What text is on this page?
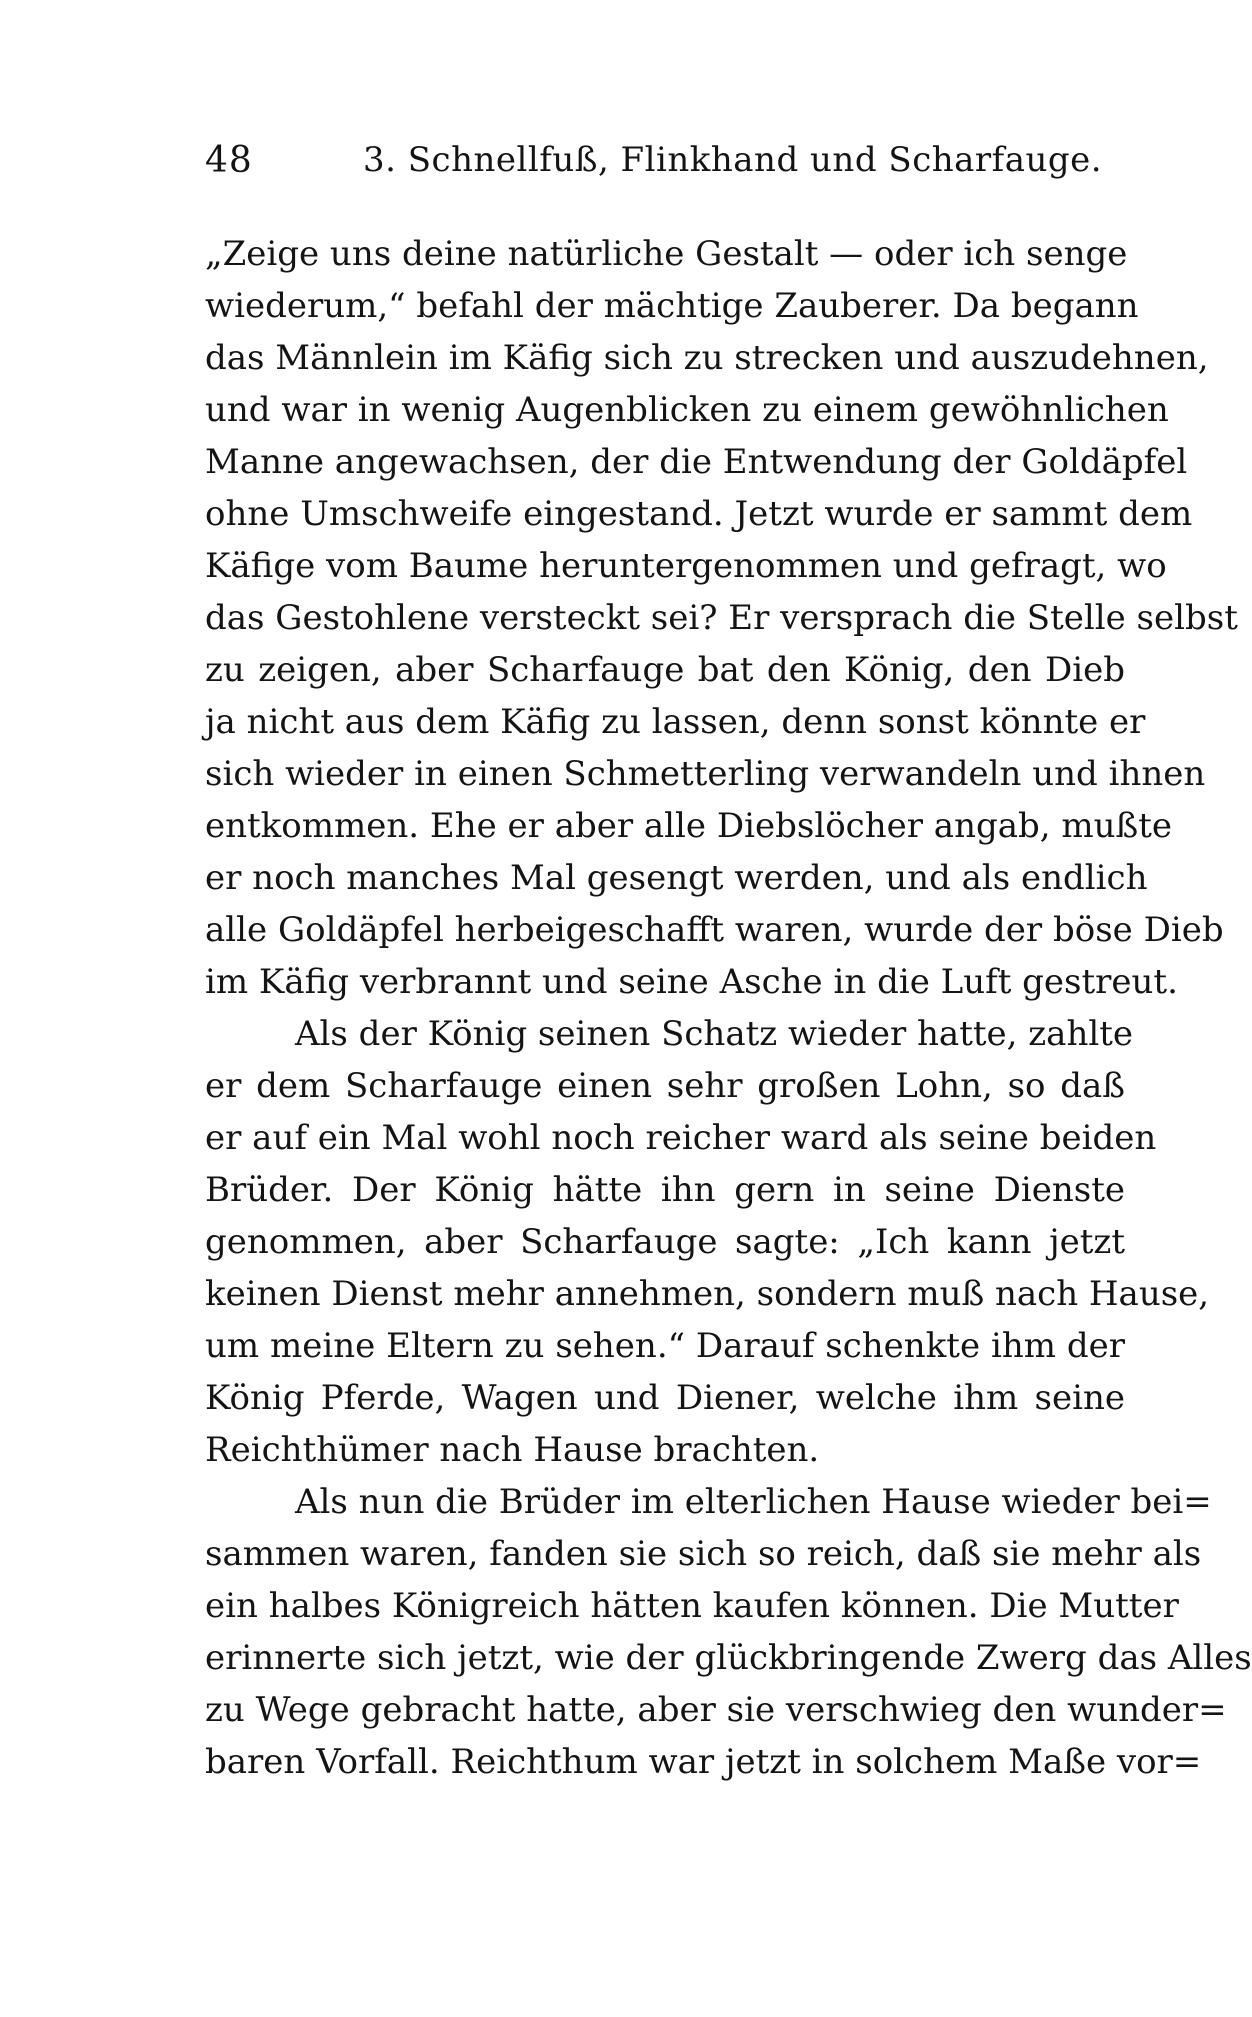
48	3. Schnellfuß, Flinkhand und Scharfauge.
„Zeige uns deine natürliche Gestalt — oder ich senge
wiederum,“ befahl der mächtige Zauberer. Da begann
das Männlein im Käfig sich zu strecken und auszudehnen,
und war in wenig Augenblicken zu einem gewöhnlichen
Manne angewachsen, der die Entwendung der Goldäpfel
ohne Umschweife eingestand. Jetzt wurde er sammt dem
Käfige vom Baume heruntergenommen und gefragt, wo
das Gestohlene versteckt sei? Er versprach die Stelle selbst
zu zeigen, aber Scharfauge bat den König, den Dieb
ja nicht aus dem Käfig zu lassen, denn sonst könnte er
sich wieder in einen Schmetterling verwandeln und ihnen
entkommen. Ehe er aber alle Diebslöcher angab, mußte
er noch manches Mal gesengt werden, und als endlich
alle Goldäpfel herbeigeschafft waren, wurde der böse Dieb
im Käfig verbrannt und seine Asche in die Luft gestreut.
Als der König seinen Schatz wieder hatte, zahlte
er dem Scharfauge einen sehr großen Lohn, so daß
er auf ein Mal wohl noch reicher ward als seine beiden
Brüder. Der König hätte ihn gern in seine Dienste
genommen, aber Scharfauge sagte: „Ich kann jetzt
keinen Dienst mehr annehmen, sondern muß nach Hause,
um meine Eltern zu sehen.“ Darauf schenkte ihm der
König Pferde, Wagen und Diener, welche ihm seine
Reichthümer nach Hause brachten.
Als nun die Brüder im elterlichen Hause wieder bei=
sammen waren, fanden sie sich so reich, daß sie mehr als
ein halbes Königreich hätten kaufen können. Die Mutter
erinnerte sich jetzt, wie der glückbringende Zwerg das Alles
zu Wege gebracht hatte, aber sie verschwieg den wunder=
baren Vorfall. Reichthum war jetzt in solchem Maße vor=
